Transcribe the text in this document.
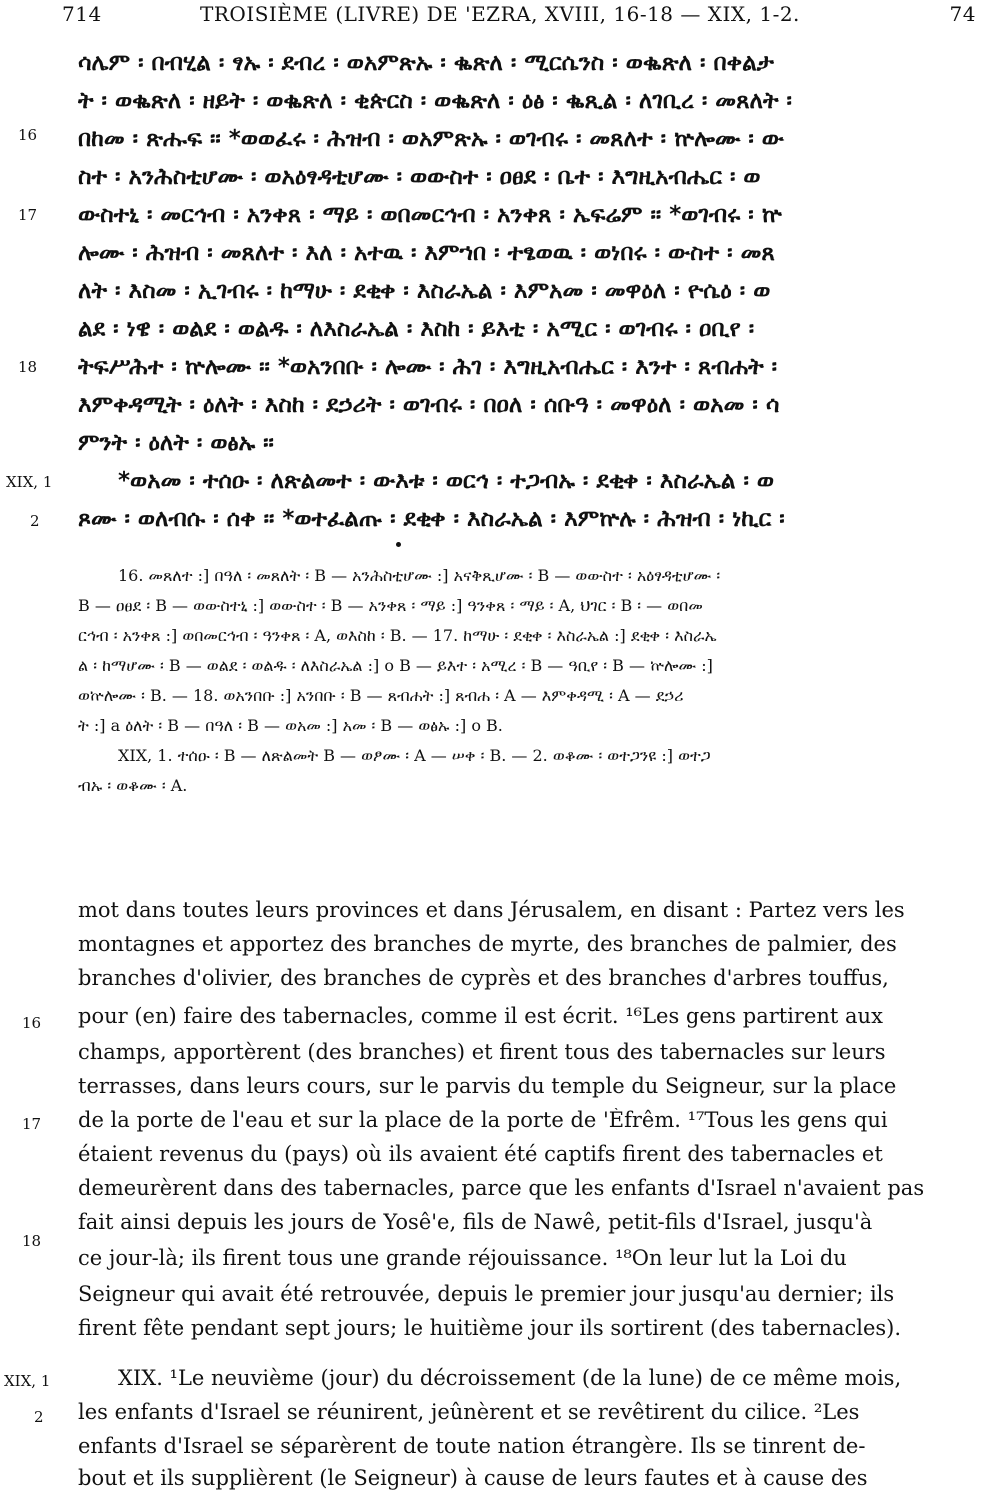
714	TROISIÈME (LIVRE) DE 'EZRA, XVIII, 16-18 — XIX, 1-2.	74
16
17
18
XIX, 1
2
ሳሌም ፡ በብሂል ፡ ፃኡ ፡ ደብረ ፡ ወአምጽኡ ፡ ቈጽለ ፡ ሚርሴንስ ፡ ወቈጽለ ፡ በቀልታ
ት ፡ ወቈጽለ ፡ ዘይት ፡ ወቈጽለ ፡ ቂጵርስ ፡ ወቈጽለ ፡ ዕፅ ፡ ቈጺል ፡ ለገቢረ ፡ መጸለት ፡
በከመ ፡ ጽሑፍ ። *ወወፈሩ ፡ ሕዝብ ፡ ወአምጽኡ ፡ ወገብሩ ፡ መጸለተ ፡ ኵሎሙ ፡ ው
ስተ ፡ አንሕስቲሆሙ ፡ ወአዕፃዳቲሆሙ ፡ ወውስተ ፡ ዐፀደ ፡ ቤተ ፡ እግዚአብሔር ፡ ወ
ውስተኒ ፡ መርኅብ ፡ አንቀጸ ፡ ማይ ፡ ወበመርኅብ ፡ አንቀጸ ፡ ኤፍሬም ። *ወገብሩ ፡ ኵ
ሎሙ ፡ ሕዝብ ፡ መጸለተ ፡ እለ ፡ አተዉ ፡ እምኀበ ፡ ተፄወዉ ፡ ወነበሩ ፡ ውስተ ፡ መጸ
ለት ፡ እስመ ፡ ኢገብሩ ፡ ከማሁ ፡ ደቂቀ ፡ እስራኤል ፡ እምአመ ፡ መዋዕለ ፡ ዮሴዕ ፡ ወ
ልደ ፡ ነዌ ፡ ወልደ ፡ ወልዱ ፡ ለእስራኤል ፡ እስከ ፡ ይእቲ ፡ አሚር ፡ ወገብሩ ፡ ዐቢየ ፡
ትፍሥሕተ ፡ ኵሎሙ ። *ወአንበቡ ፡ ሎሙ ፡ ሕገ ፡ እግዚአብሔር ፡ እንተ ፡ ጸብሐት ፡
እምቀዳሚት ፡ ዕለት ፡ እስከ ፡ ደኃሪት ፡ ወገብሩ ፡ በዐለ ፡ ሰቡዓ ፡ መዋዕለ ፡ ወአመ ፡ ሳ
ምንት ፡ ዕለት ፡ ወፅኡ ።
*ወአመ ፡ ተሰዑ ፡ ለጽልመተ ፡ ውእቱ ፡ ወርኅ ፡ ተጋብኡ ፡ ደቂቀ ፡ እስራኤል ፡ ወ
ጾሙ ፡ ወለብሱ ፡ ሰቀ ። *ወተፈልጡ ፡ ደቂቀ ፡ እስራኤል ፡ እምኵሉ ፡ ሕዝብ ፡ ነኪር ፡
16. መጸለተ :] በዓለ ፡ መጸለት ፡ B — አንሕስቲሆሙ :] አናቅጺሆሙ ፡ B — ወውስተ ፡ አዕፃዳቲሆሙ ፡
B — ዐፀደ ፡ B — ወውስተኒ :] ወውስተ ፡ B — አንቀጸ ፡ ማይ :] ዓንቀጸ ፡ ማይ ፡ A, ህገር ፡ B ፡ — ወበመ
ርኅብ ፡ አንቀጸ :] ወበመርኅብ ፡ ዓንቀጸ ፡ A, ወእስከ ፡ B. — 17. ከማሁ ፡ ደቂቀ ፡ እስራኤል :] ደቂቀ ፡ እስራኤ
ል ፡ ከማሆሙ ፡ B — ወልደ ፡ ወልዱ ፡ ለእስራኤል :] o B — ይእተ ፡ አሚረ ፡ B — ዓቢየ ፡ B — ኵሎሙ :]
ወኵሎሙ ፡ B. — 18. ወአንበቡ :] አንበቡ ፡ B — ጸብሐት :] ጸብሐ ፡ A — እምቀዳሚ ፡ A — ደኃሪ
ት :] a ዕለት ፡ B — በዓለ ፡ B — ወአመ :] አመ ፡ B — ወፅኡ :] o B.
XIX, 1. ተሰዑ ፡ B — ለጽልመት B — ወፆሙ ፡ A — ሠቀ ፡ B. — 2. ወቆሙ ፡ ወተጋንዩ :] ወተጋ
ብኡ ፡ ወቆሙ ፡ A.
16
17
18
XIX, 1
2
mot dans toutes leurs provinces et dans Jérusalem, en disant : Partez vers les
montagnes et apportez des branches de myrte, des branches de palmier, des
branches d'olivier, des branches de cyprès et des branches d'arbres touffus,
pour (en) faire des tabernacles, comme il est écrit. ¹⁶Les gens partirent aux
champs, apportèrent (des branches) et firent tous des tabernacles sur leurs
terrasses, dans leurs cours, sur le parvis du temple du Seigneur, sur la place
de la porte de l'eau et sur la place de la porte de 'Èfrêm. ¹⁷Tous les gens qui
étaient revenus du (pays) où ils avaient été captifs firent des tabernacles et
demeurèrent dans des tabernacles, parce que les enfants d'Israel n'avaient pas
fait ainsi depuis les jours de Yosê'e, fils de Nawê, petit-fils d'Israel, jusqu'à
ce jour-là; ils firent tous une grande réjouissance. ¹⁸On leur lut la Loi du
Seigneur qui avait été retrouvée, depuis le premier jour jusqu'au dernier; ils
firent fête pendant sept jours; le huitième jour ils sortirent (des tabernacles).
XIX. ¹Le neuvième (jour) du décroissement (de la lune) de ce même mois,
les enfants d'Israel se réunirent, jeûnèrent et se revêtirent du cilice. ²Les
enfants d'Israel se séparèrent de toute nation étrangère. Ils se tinrent de-
bout et ils supplièrent (le Seigneur) à cause de leurs fautes et à cause des
